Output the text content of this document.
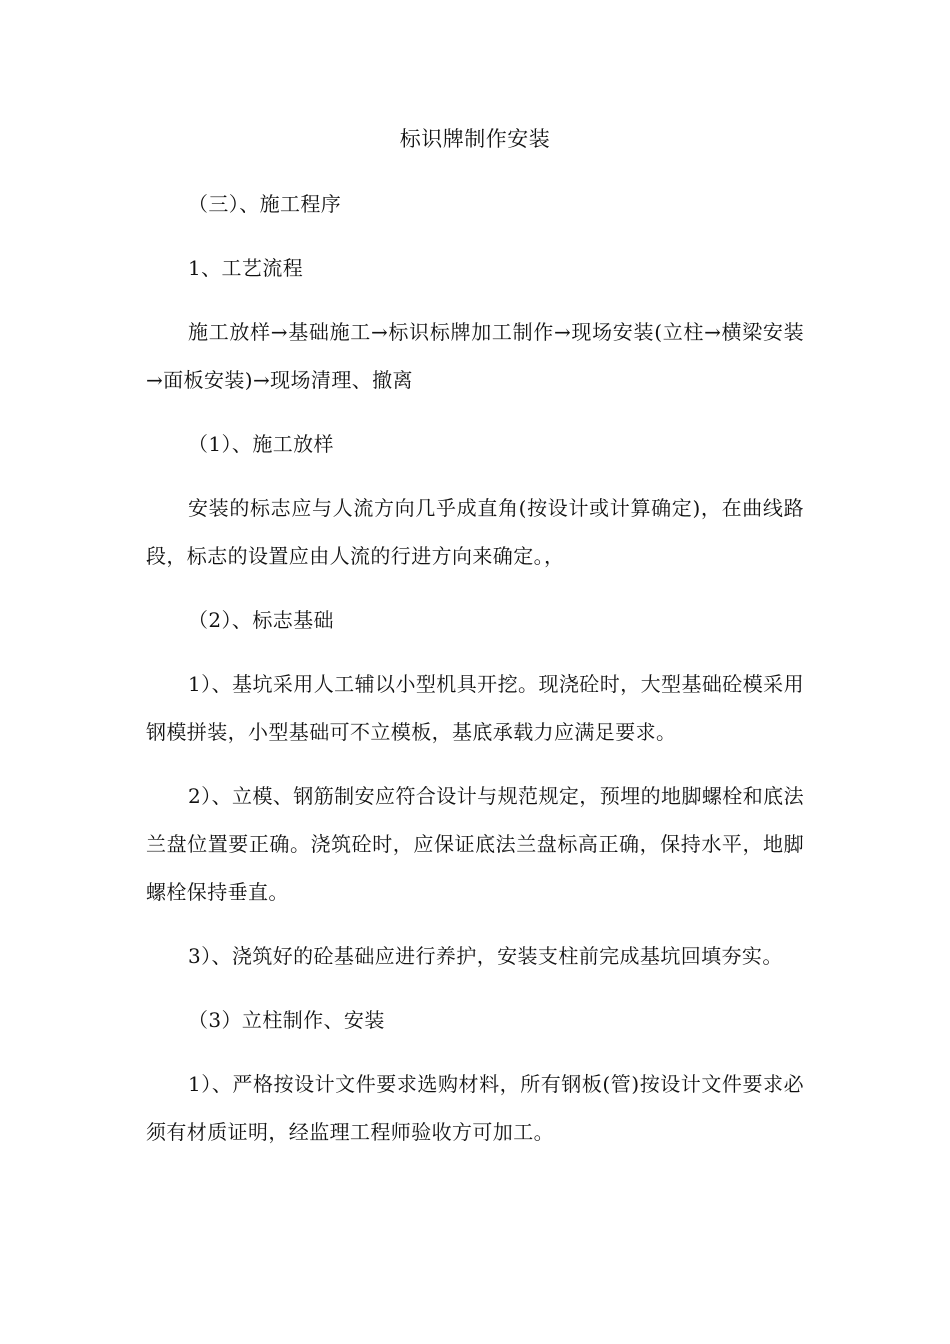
标识牌制作安装

（三）、施工程序

1、工艺流程

施工放样→基础施工→标识标牌加工制作→现场安装(立柱→横梁安装→面板安装)→现场清理、撤离

（1）、施工放样

安装的标志应与人流方向几乎成直角(按设计或计算确定)，在曲线路段，标志的设置应由人流的行进方向来确定。，

（2）、标志基础

1）、基坑采用人工辅以小型机具开挖。现浇砼时，大型基础砼模采用钢模拼装，小型基础可不立模板，基底承载力应满足要求。

2）、立模、钢筋制安应符合设计与规范规定，预埋的地脚螺栓和底法兰盘位置要正确。浇筑砼时，应保证底法兰盘标高正确，保持水平，地脚螺栓保持垂直。

3）、浇筑好的砼基础应进行养护，安装支柱前完成基坑回填夯实。

（3）立柱制作、安装

1）、严格按设计文件要求选购材料，所有钢板(管)按设计文件要求必须有材质证明，经监理工程师验收方可加工。
